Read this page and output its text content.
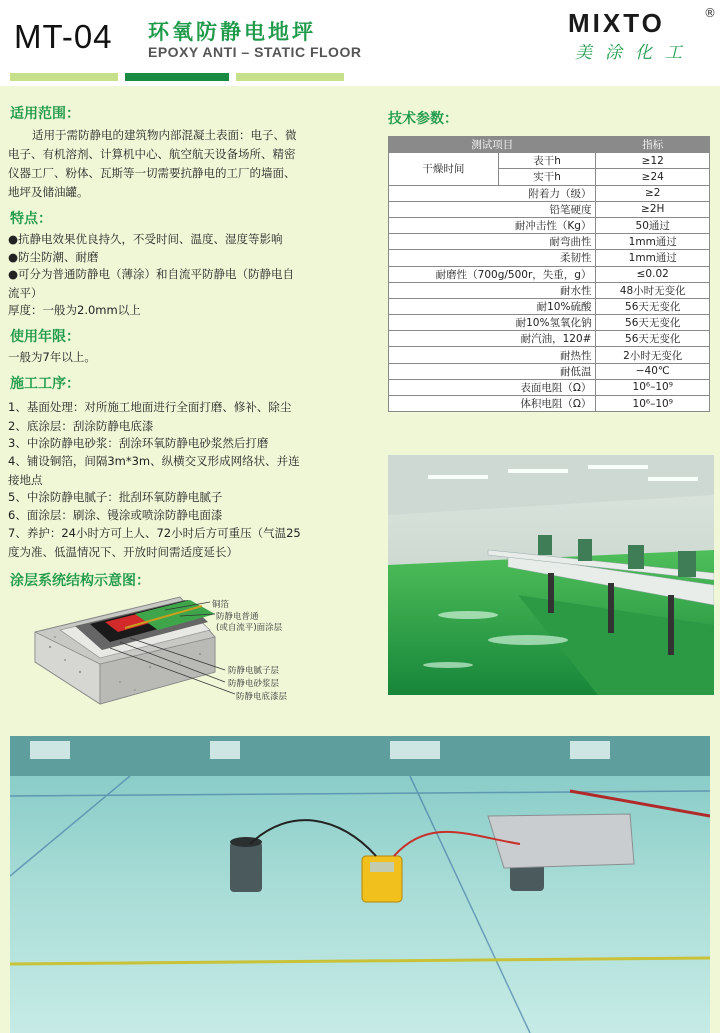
MT-04 环氧防静电地坪
EPOXY ANTI – STATIC FLOOR
MIXTO	®
美涂化工
适用范围：
适用于需防静电的建筑物内部混凝土表面：电子、微电子、有机溶剂、计算机中心、航空航天设备场所、精密仪器工厂、粉体、瓦斯等一切需要抗静电的工厂的墙面、地坪及储油罐。
特点：
●抗静电效果优良持久，不受时间、温度、湿度等影响
●防尘防潮、耐磨
●可分为普通防静电（薄涂）和自流平防静电（防静电自流平）
厚度：一般为2.0mm以上
使用年限：
一般为7年以上。
施工工序：
1、基面处理：对所施工地面进行全面打磨、修补、除尘 2、底涂层：刮涂防静电底漆
3、中涂防静电砂浆：刮涂环氧防静电砂浆然后打磨
4、铺设铜箔，间隔3m*3m、纵横交叉形成网络状、并连接地点
5、中涂防静电腻子：批刮环氧防静电腻子
6、面涂层：刷涂、镘涂或喷涂防静电面漆
7、养护：24小时方可上人、72小时后方可重压（气温25度为准、低温情况下、开放时间需适度延长）
涂层系统结构示意图：
铜箔
防静电普通
(或自流平)面涂层
防静电腻子层
防静电砂浆层
防静电底漆层
技术参数：
测试项目		指标
干燥时间	表干h	≥12
	实干h	≥24
附着力（级）		≥2
铅笔硬度		≥2H
耐冲击性（Kg）		50通过
耐弯曲性		1mm通过
柔韧性		1mm通过
耐磨性（700g/500r，失重，g）		≤0.02
耐水性		48小时无变化
耐10%硫酸		56天无变化
耐10%氢氧化钠		56天无变化
耐汽油，120#		56天无变化
耐热性		2小时无变化
耐低温		−40℃
表面电阻（Ω）		10⁶–10⁹
体积电阻（Ω）		10⁶–10⁹
